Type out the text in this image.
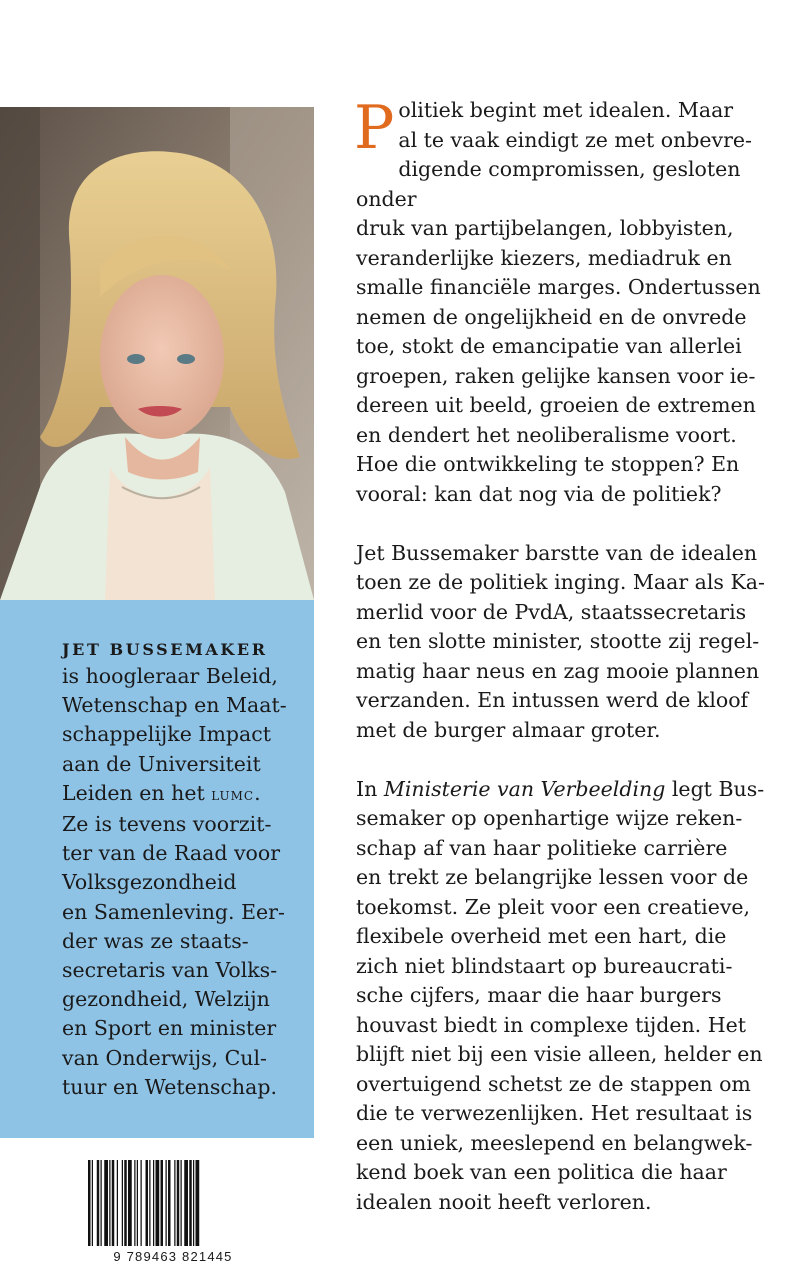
JET BUSSEMAKER

is hoogleraar Beleid,
Wetenschap en Maat-
schappelijke Impact
aan de Universiteit
Leiden en het lumc.
Ze is tevens voorzit-
ter van de Raad voor
Volksgezondheid
en Samenleving. Eer-
der was ze staats-
secretaris van Volks-
gezondheid, Welzijn
en Sport en minister
van Onderwijs, Cul-
tuur en Wetenschap.

Politiek begint met idealen. Maar
al te vaak eindigt ze met onbevre-
digende compromissen, gesloten onder
druk van partijbelangen, lobbyisten,
veranderlijke kiezers, mediadruk en
smalle financiële marges. Ondertussen
nemen de ongelijkheid en de onvrede
toe, stokt de emancipatie van allerlei
groepen, raken gelijke kansen voor ie-
dereen uit beeld, groeien de extremen
en dendert het neoliberalisme voort.
Hoe die ontwikkeling te stoppen? En
vooral: kan dat nog via de politiek?

Jet Bussemaker barstte van de idealen
toen ze de politiek inging. Maar als Ka-
merlid voor de PvdA, staatssecretaris
en ten slotte minister, stootte zij regel-
matig haar neus en zag mooie plannen
verzanden. En intussen werd de kloof
met de burger almaar groter.

In Ministerie van Verbeelding legt Bus-
semaker op openhartige wijze reken-
schap af van haar politieke carrière
en trekt ze belangrijke lessen voor de
toekomst. Ze pleit voor een creatieve,
flexibele overheid met een hart, die
zich niet blindstaart op bureaucrati-
sche cijfers, maar die haar burgers
houvast biedt in complexe tijden. Het
blijft niet bij een visie alleen, helder en
overtuigend schetst ze de stappen om
die te verwezenlijken. Het resultaat is
een uniek, meeslepend en belangwek-
kend boek van een politica die haar
idealen nooit heeft verloren.

9 789463 821445
